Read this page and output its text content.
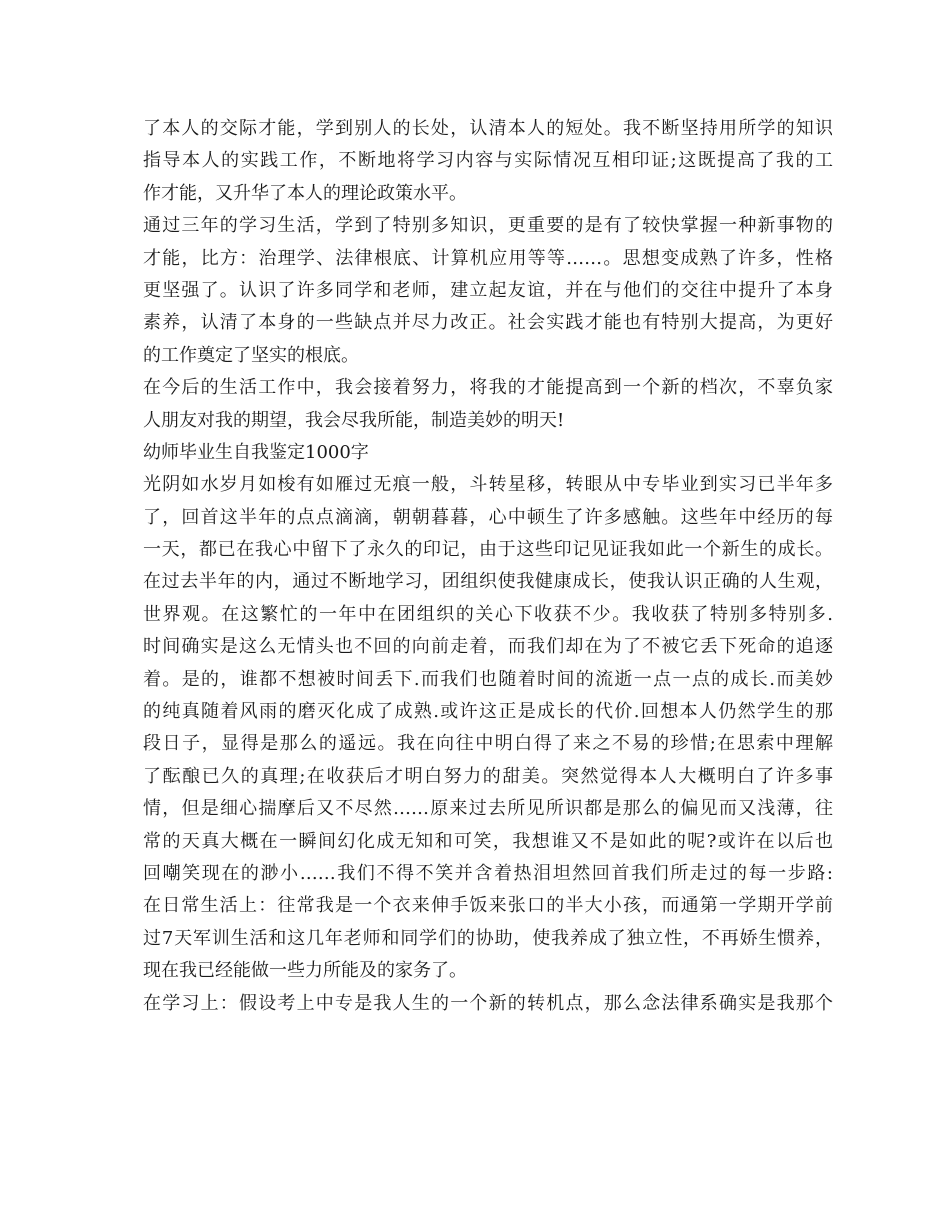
了本人的交际才能，学到别人的长处，认清本人的短处。我不断坚持用所学的知识
指导本人的实践工作，不断地将学习内容与实际情况互相印证;这既提高了我的工
作才能，又升华了本人的理论政策水平。
通过三年的学习生活，学到了特别多知识，更重要的是有了较快掌握一种新事物的
才能，比方：治理学、法律根底、计算机应用等等……。思想变成熟了许多，性格
更坚强了。认识了许多同学和老师，建立起友谊，并在与他们的交往中提升了本身
素养，认清了本身的一些缺点并尽力改正。社会实践才能也有特别大提高，为更好
的工作奠定了坚实的根底。
在今后的生活工作中，我会接着努力，将我的才能提高到一个新的档次，不辜负家
人朋友对我的期望，我会尽我所能，制造美妙的明天!
幼师毕业生自我鉴定1000字
光阴如水岁月如梭有如雁过无痕一般，斗转星移，转眼从中专毕业到实习已半年多
了，回首这半年的点点滴滴，朝朝暮暮，心中顿生了许多感触。这些年中经历的每
一天，都已在我心中留下了永久的印记，由于这些印记见证我如此一个新生的成长。
在过去半年的内，通过不断地学习，团组织使我健康成长，使我认识正确的人生观，
世界观。在这繁忙的一年中在团组织的关心下收获不少。我收获了特别多特别多.
时间确实是这么无情头也不回的向前走着，而我们却在为了不被它丢下死命的追逐
着。是的，谁都不想被时间丢下.而我们也随着时间的流逝一点一点的成长.而美妙
的纯真随着风雨的磨灭化成了成熟.或许这正是成长的代价.回想本人仍然学生的那
段日子，显得是那么的遥远。我在向往中明白得了来之不易的珍惜;在思索中理解
了酝酿已久的真理;在收获后才明白努力的甜美。突然觉得本人大概明白了许多事
情，但是细心揣摩后又不尽然……原来过去所见所识都是那么的偏见而又浅薄，往
常的天真大概在一瞬间幻化成无知和可笑，我想谁又不是如此的呢?或许在以后也
回嘲笑现在的渺小……我们不得不笑并含着热泪坦然回首我们所走过的每一步路:
在日常生活上：往常我是一个衣来伸手饭来张口的半大小孩，而通第一学期开学前
过7天军训生活和这几年老师和同学们的协助，使我养成了独立性，不再娇生惯养，
现在我已经能做一些力所能及的家务了。
在学习上：假设考上中专是我人生的一个新的转机点，那么念法律系确实是我那个
